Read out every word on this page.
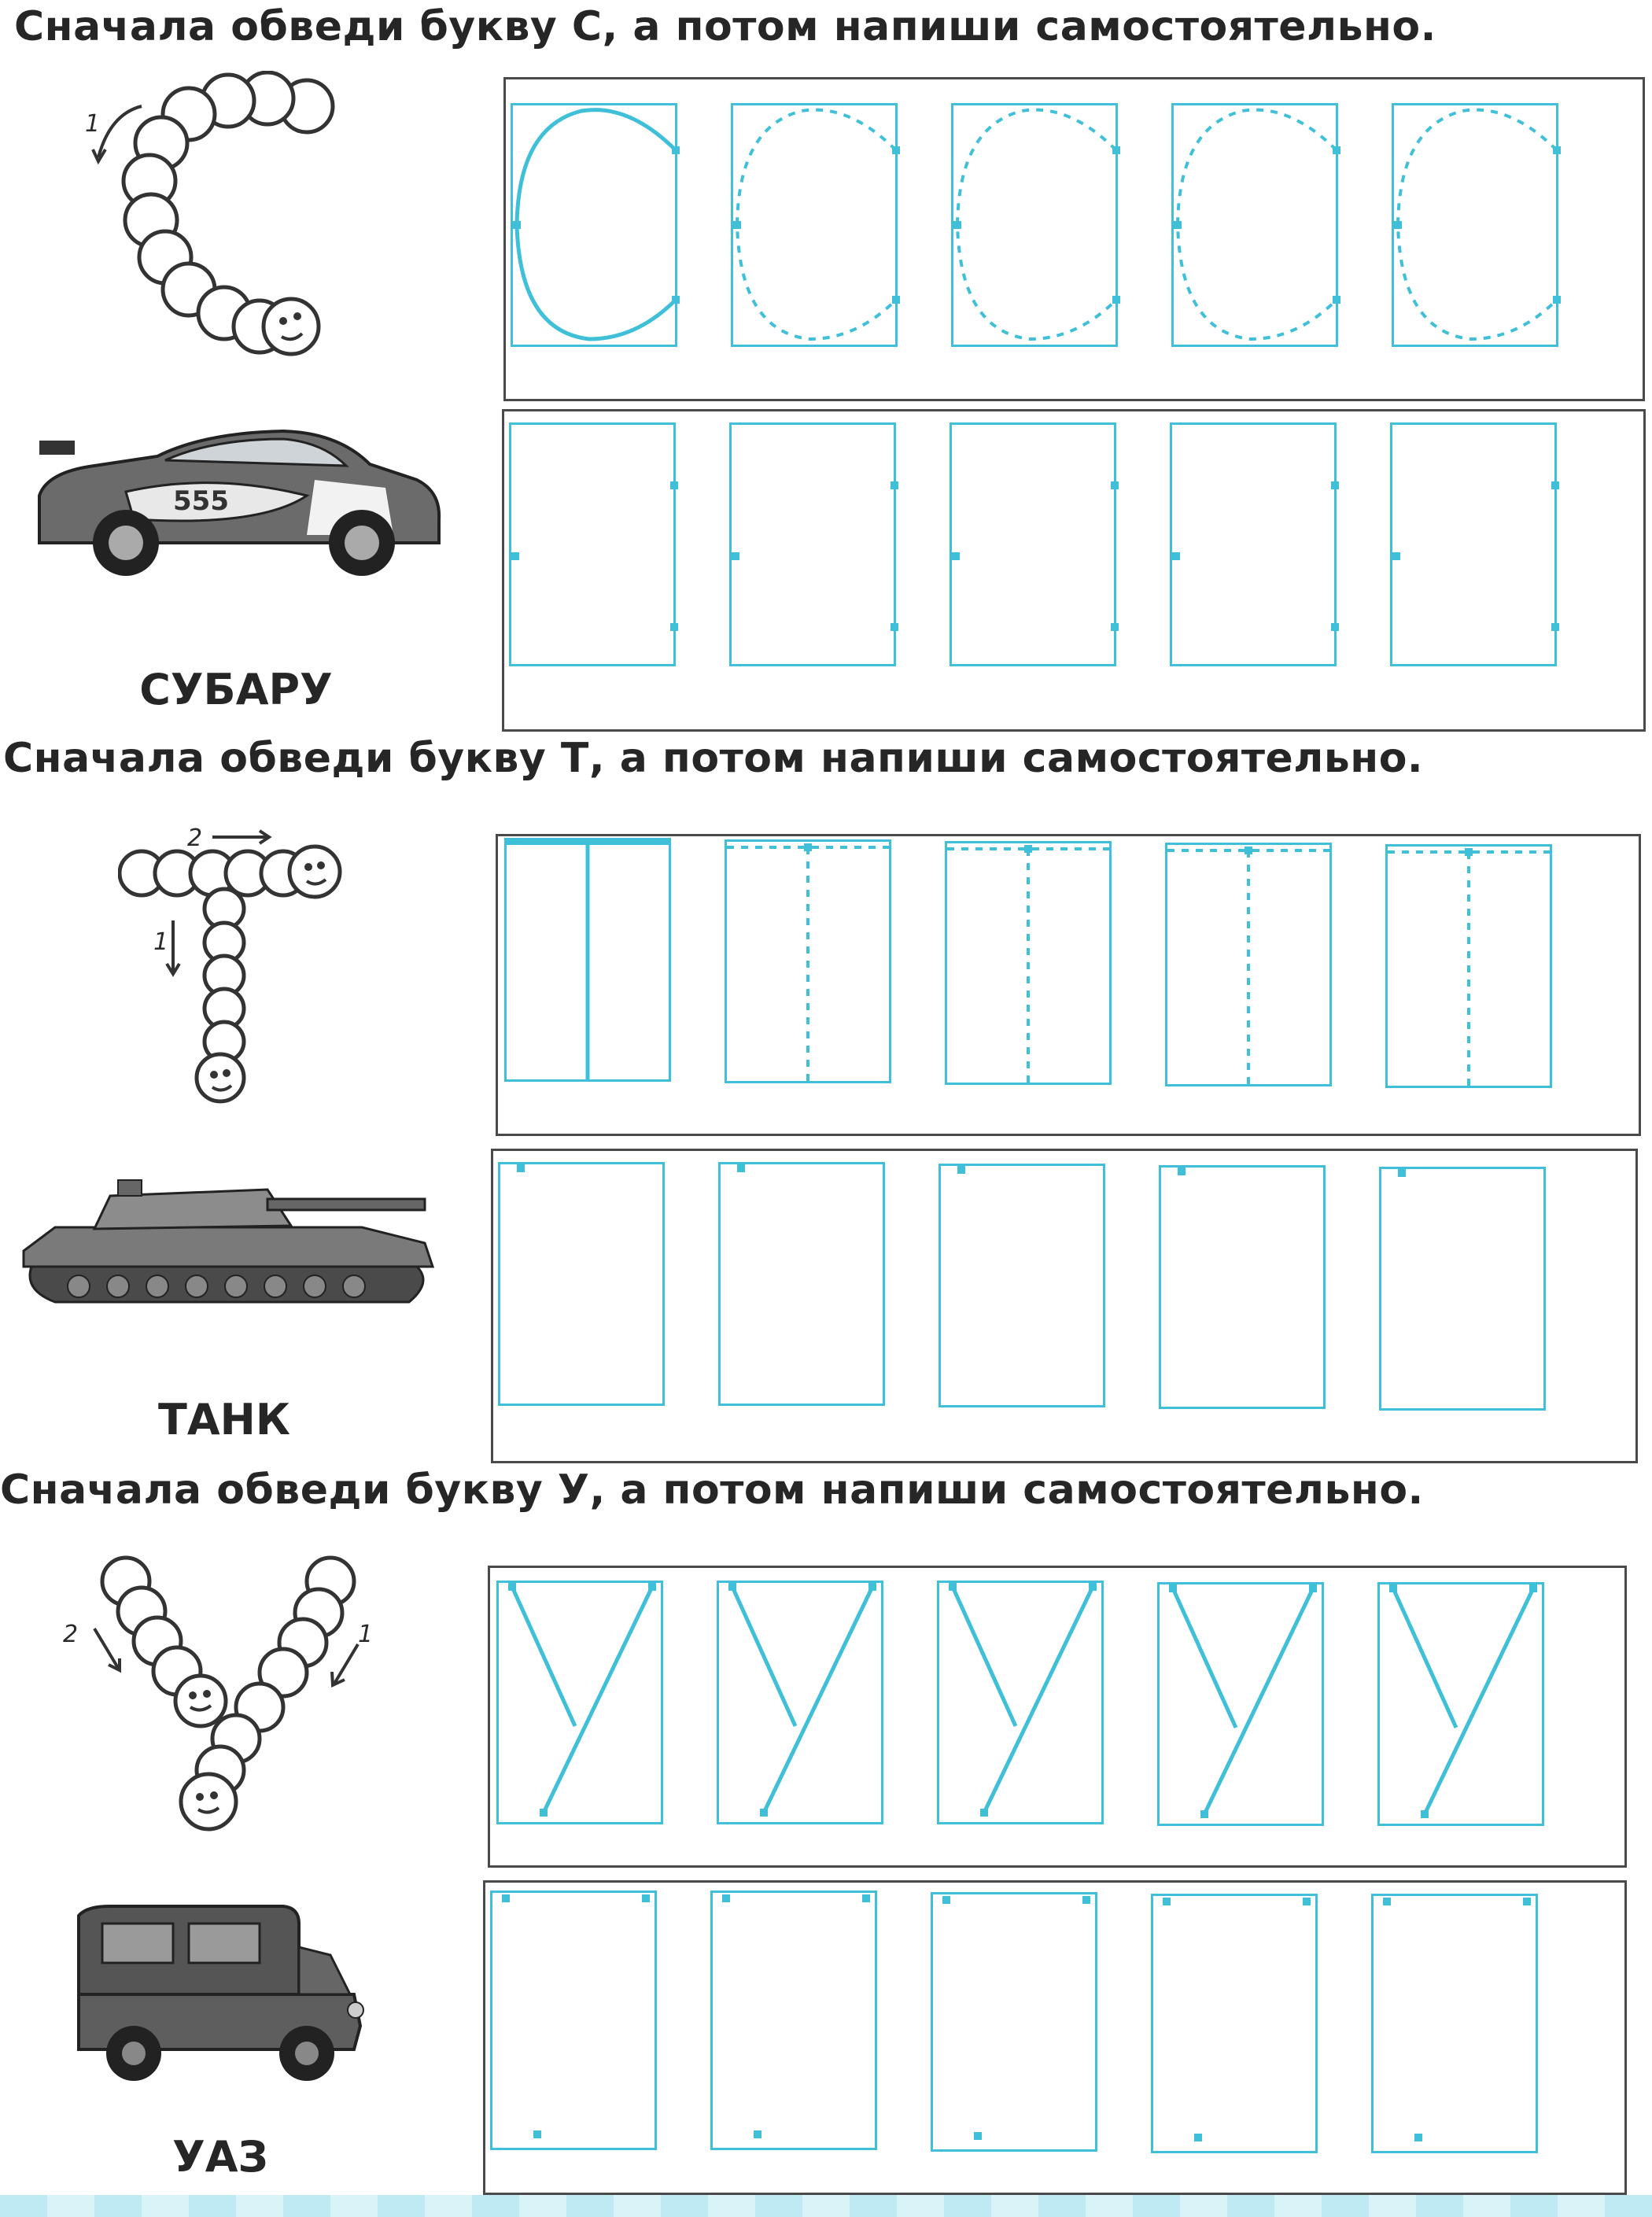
Сначала обведи букву С, а потом напиши самостоятельно.

1
555
СУБАРУ

Сначала обведи букву Т, а потом напиши самостоятельно.

1
2
ТАНК

Сначала обведи букву У, а потом напиши самостоятельно.

2	1
УАЗ
